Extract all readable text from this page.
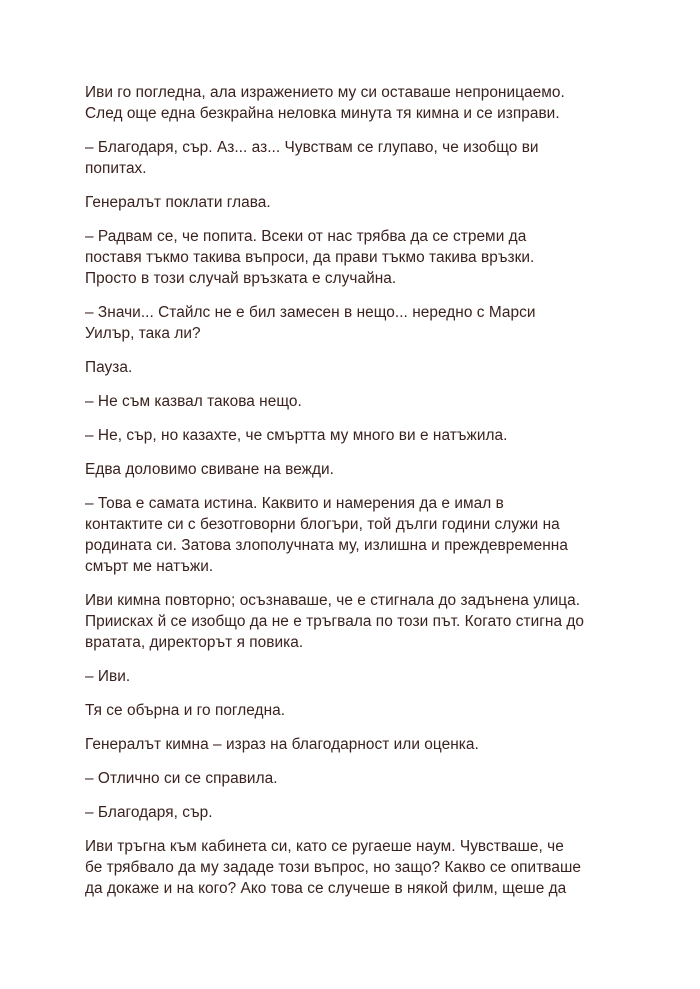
Иви го погледна, ала изражението му си оставаше непроницаемо.
След още една безкрайна неловка минута тя кимна и се изправи.

– Благодаря, сър. Аз... аз... Чувствам се глупаво, че изобщо ви
попитах.

Генералът поклати глава.

– Радвам се, че попита. Всеки от нас трябва да се стреми да
поставя тъкмо такива въпроси, да прави тъкмо такива връзки.
Просто в този случай връзката е случайна.

– Значи... Стайлс не е бил замесен в нещо... нередно с Марси
Уилър, така ли?

Пауза.

– Не съм казвал такова нещо.

– Не, сър, но казахте, че смъртта му много ви е натъжила.

Едва доловимо свиване на вежди.

– Това е самата истина. Каквито и намерения да е имал в
контактите си с безотговорни блогъри, той дълги години служи на
родината си. Затова злополучната му, излишна и преждевременна
смърт ме натъжи.

Иви кимна повторно; осъзнаваше, че е стигнала до задънена улица.
Приисках й се изобщо да не е тръгвала по този път. Когато стигна до
вратата, директорът я повика.

– Иви.

Тя се обърна и го погледна.

Генералът кимна – израз на благодарност или оценка.

– Отлично си се справила.

– Благодаря, сър.

Иви тръгна към кабинета си, като се ругаеше наум. Чувстваше, че
бе трябвало да му зададе този въпрос, но защо? Какво се опитваше
да докаже и на кого? Ако това се случеше в някой филм, щеше да
